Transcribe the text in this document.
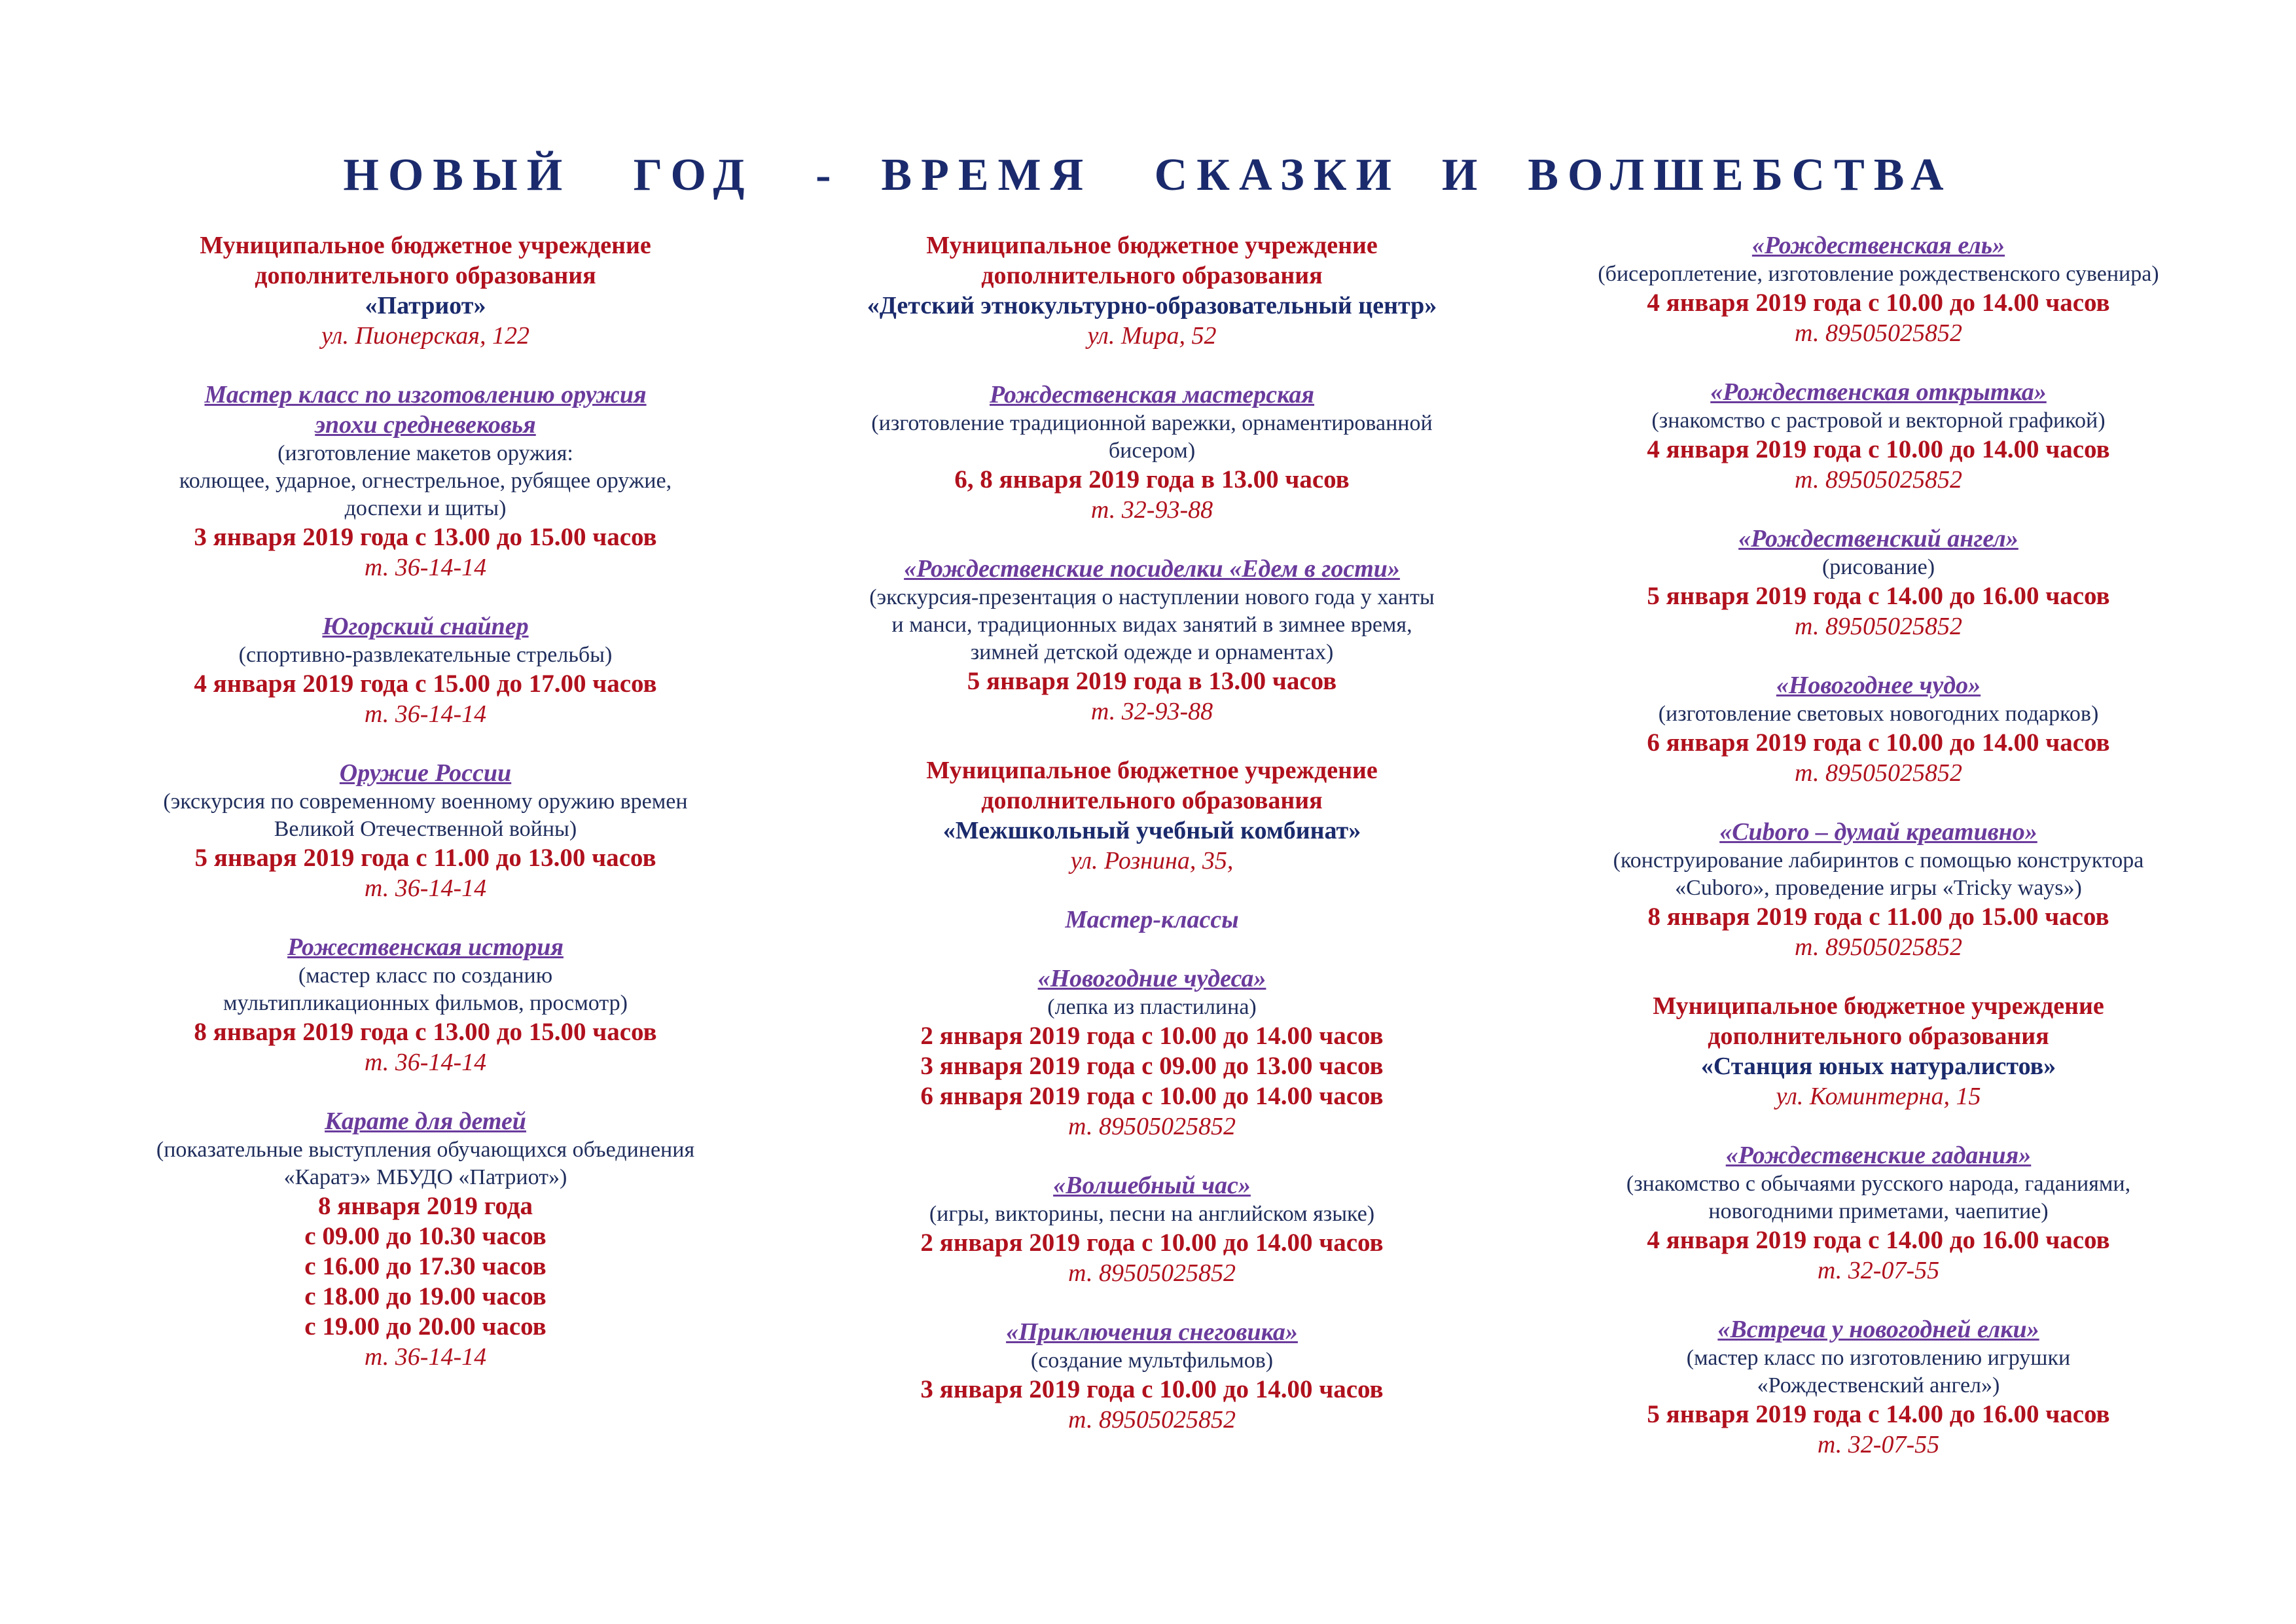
НОВЫЙ   ГОД   -  ВРЕМЯ   СКАЗКИ  И  ВОЛШЕБСТВА
Муниципальное бюджетное учреждение
дополнительного образования
«Патриот»
ул. Пионерская, 122
Мастер класс по изготовлению оружия
эпохи средневековья
(изготовление макетов оружия:
колющее, ударное, огнестрельное, рубящее оружие,
доспехи и щиты)
3 января 2019 года с 13.00 до 15.00 часов
т. 36-14-14
Югорский снайпер
(спортивно-развлекательные стрельбы)
4 января 2019 года с 15.00 до 17.00 часов
т. 36-14-14
Оружие России
(экскурсия по современному военному оружию времен
Великой Отечественной войны)
5 января 2019 года с 11.00 до 13.00 часов
т. 36-14-14
Рожественская история
(мастер класс по созданию
мультипликационных фильмов, просмотр)
8 января 2019 года с 13.00 до 15.00 часов
т. 36-14-14
Карате для детей
(показательные выступления обучающихся объединения
«Каратэ» МБУДО «Патриот»)
8 января 2019 года
с 09.00 до 10.30 часов
с 16.00 до 17.30 часов
с 18.00 до 19.00 часов
с 19.00 до 20.00 часов
т. 36-14-14
Муниципальное бюджетное учреждение
дополнительного образования
«Детский этнокультурно-образовательный центр»
ул. Мира, 52
Рождественская мастерская
(изготовление традиционной варежки, орнаментированной
бисером)
6, 8 января 2019 года в 13.00 часов
т. 32-93-88
«Рождественские посиделки «Едем в гости»
(экскурсия-презентация о наступлении нового года у ханты
и манси, традиционных видах занятий в зимнее время,
зимней детской одежде и орнаментах)
5 января 2019 года в 13.00 часов
т. 32-93-88
Муниципальное бюджетное учреждение
дополнительного образования
«Межшкольный учебный комбинат»
ул. Рознина, 35,
Мастер-классы
«Новогодние чудеса»
(лепка из пластилина)
2 января 2019 года с 10.00 до 14.00 часов
3 января 2019 года с 09.00 до 13.00 часов
6 января 2019 года с 10.00 до 14.00 часов
т. 89505025852
«Волшебный час»
(игры, викторины, песни на английском языке)
2 января 2019 года с 10.00 до 14.00 часов
т. 89505025852
«Приключения снеговика»
(создание мультфильмов)
3 января 2019 года с 10.00 до 14.00 часов
т. 89505025852
«Рождественская ель»
(бисероплетение, изготовление рождественского сувенира)
4 января 2019 года с 10.00 до 14.00 часов
т. 89505025852
«Рождественская открытка»
(знакомство с растровой и векторной графикой)
4 января 2019 года с 10.00 до 14.00 часов
т. 89505025852
«Рождественский ангел»
(рисование)
5 января 2019 года с 14.00 до 16.00 часов
т. 89505025852
«Новогоднее чудо»
(изготовление световых новогодних подарков)
6 января 2019 года с 10.00 до 14.00 часов
т. 89505025852
«Cuboro – думай креативно»
(конструирование лабиринтов с помощью конструктора
«Cuboro», проведение игры «Tricky ways»)
8 января 2019 года с 11.00 до 15.00 часов
т. 89505025852
Муниципальное бюджетное учреждение
дополнительного образования
«Станция юных натуралистов»
ул. Коминтерна, 15
«Рождественские гадания»
(знакомство с обычаями русского народа, гаданиями,
новогодними приметами, чаепитие)
4 января 2019 года с 14.00 до 16.00 часов
т. 32-07-55
«Встреча у новогодней елки»
(мастер класс по изготовлению игрушки
«Рождественский ангел»)
5 января 2019 года с 14.00 до 16.00 часов
т. 32-07-55
